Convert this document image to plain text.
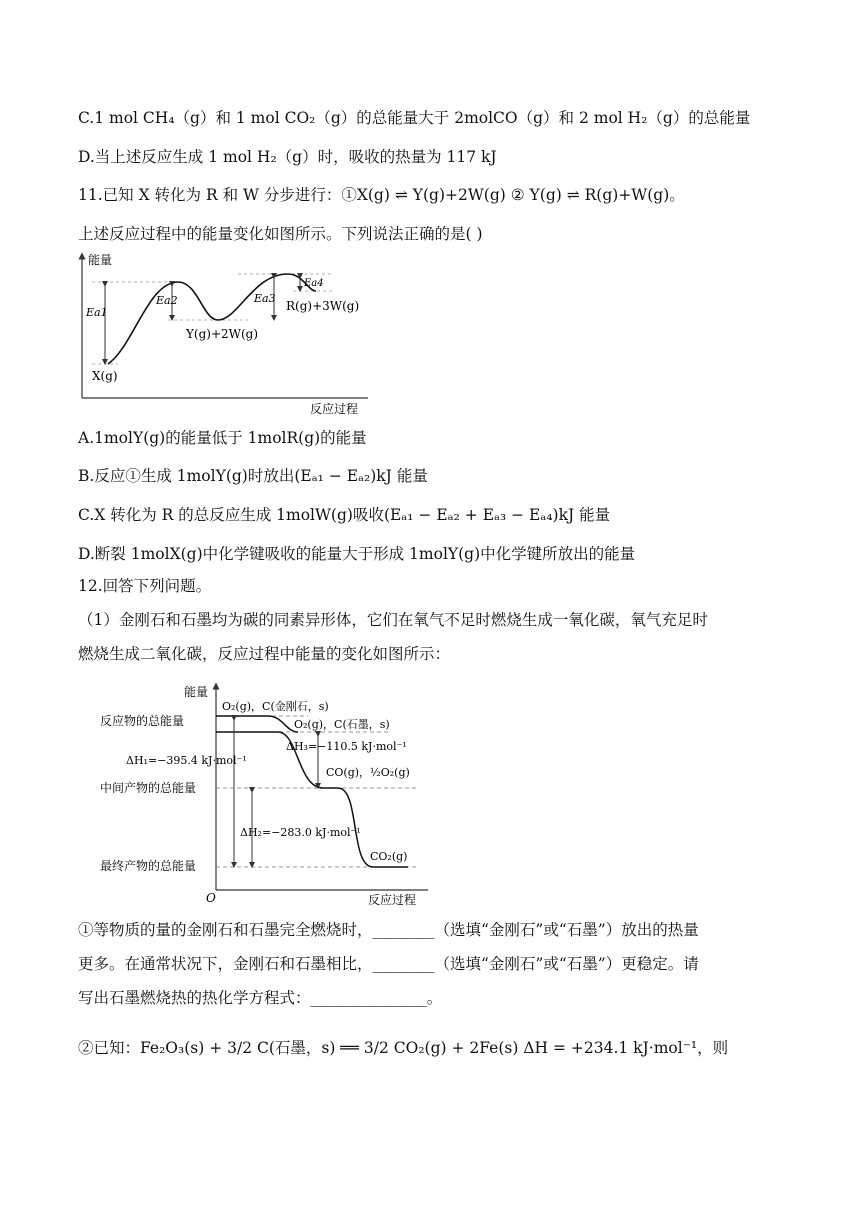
C.1 mol CH₄（g）和 1 mol CO₂（g）的总能量大于 2molCO（g）和 2 mol H₂（g）的总能量
D.当上述反应生成 1 mol H₂（g）时，吸收的热量为 117 kJ
11.已知 X 转化为 R 和 W 分步进行：①X(g) ⇌ Y(g)+2W(g) ② Y(g) ⇌ R(g)+W(g)。
上述反应过程中的能量变化如图所示。下列说法正确的是( )
能量
反应过程
Ea1
Ea2	Ea3
Ea4
X(g)
Y(g)+2W(g)
R(g)+3W(g)
A.1molY(g)的能量低于 1molR(g)的能量
B.反应①生成 1molY(g)时放出(Eₐ₁ − Eₐ₂)kJ 能量
C.X 转化为 R 的总反应生成 1molW(g)吸收(Eₐ₁ − Eₐ₂ + Eₐ₃ − Eₐ₄)kJ 能量
D.断裂 1molX(g)中化学键吸收的能量大于形成 1molY(g)中化学键所放出的能量
12.回答下列问题。
（1）金刚石和石墨均为碳的同素异形体，它们在氧气不足时燃烧生成一氧化碳，氧气充足时
燃烧生成二氧化碳，反应过程中能量的变化如图所示：
能量
反应过程
O
反应物的总能量
中间产物的总能量
最终产物的总能量
O₂(g)，C(金刚石，s)
O₂(g)，C(石墨，s)
ΔH₁=−395.4 kJ·mol⁻¹
ΔH₃=−110.5 kJ·mol⁻¹
CO(g)，½O₂(g)
ΔH₂=−283.0 kJ·mol⁻¹
CO₂(g)
①等物质的量的金刚石和石墨完全燃烧时，________（选填“金刚石”或“石墨”）放出的热量
更多。在通常状况下，金刚石和石墨相比，________（选填“金刚石”或“石墨”）更稳定。请
写出石墨燃烧热的热化学方程式：_______________。
②已知：Fe₂O₃(s) + 3/2 C(石墨，s) ══ 3/2 CO₂(g) + 2Fe(s) ΔH = +234.1 kJ·mol⁻¹，则
